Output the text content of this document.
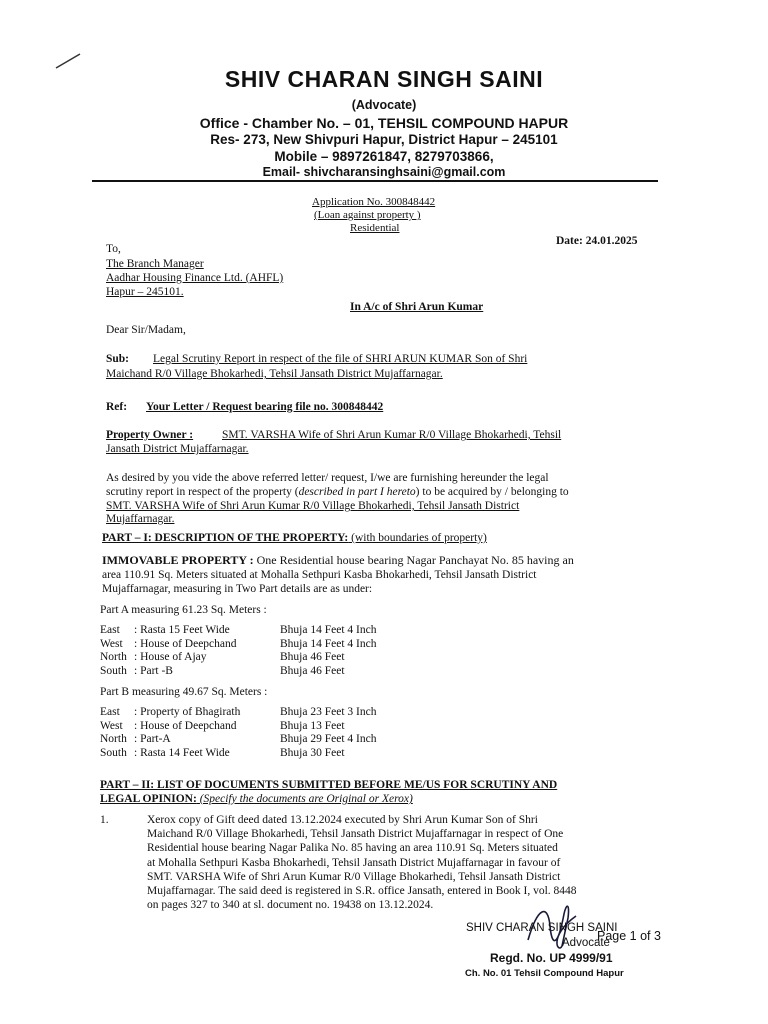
SHIV CHARAN SINGH SAINI
(Advocate)
Office - Chamber No. – 01, TEHSIL COMPOUND HAPUR
Res- 273, New Shivpuri Hapur, District Hapur – 245101
Mobile – 9897261847, 8279703866,
Email- shivcharansinghsaini@gmail.com
Application No. 300848442
(Loan against property )
Residential
Date: 24.01.2025
To,
The Branch Manager
Aadhar Housing Finance Ltd. (AHFL)
Hapur – 245101.
In A/c of Shri Arun Kumar
Dear Sir/Madam,
Sub: Legal Scrutiny Report in respect of the file of SHRI ARUN KUMAR Son of Shri
Maichand R/0 Village Bhokarhedi, Tehsil Jansath District Mujaffarnagar.
Ref: Your Letter / Request bearing file no. 300848442
Property Owner :	SMT. VARSHA Wife of Shri Arun Kumar R/0 Village Bhokarhedi, Tehsil
Jansath District Mujaffarnagar.
As desired by you vide the above referred letter/ request, I/we are furnishing hereunder the legal
scrutiny report in respect of the property (described in part I hereto) to be acquired by / belonging to
SMT. VARSHA Wife of Shri Arun Kumar R/0 Village Bhokarhedi, Tehsil Jansath District
Mujaffarnagar.
PART – I: DESCRIPTION OF THE PROPERTY: (with boundaries of property)
IMMOVABLE PROPERTY : One Residential house bearing Nagar Panchayat No. 85 having an
area 110.91 Sq. Meters situated at Mohalla Sethpuri Kasba Bhokarhedi, Tehsil Jansath District
Mujaffarnagar, measuring in Two Part details are as under:
Part A measuring 61.23 Sq. Meters :
East : Rasta 15 Feet Wide	Bhuja 14 Feet 4 Inch
West : House of Deepchand	Bhuja 14 Feet 4 Inch
North : House of Ajay	Bhuja 46 Feet
South : Part -B	Bhuja 46 Feet
Part B measuring 49.67 Sq. Meters :
East : Property of Bhagirath	Bhuja 23 Feet 3 Inch
West : House of Deepchand	Bhuja 13 Feet
North : Part-A	Bhuja 29 Feet 4 Inch
South : Rasta 14 Feet Wide	Bhuja 30 Feet
PART – II: LIST OF DOCUMENTS SUBMITTED BEFORE ME/US FOR SCRUTINY AND
LEGAL OPINION: (Specify the documents are Original or Xerox)
1.	Xerox copy of Gift deed dated 13.12.2024 executed by Shri Arun Kumar Son of Shri
Maichand R/0 Village Bhokarhedi, Tehsil Jansath District Mujaffarnagar in respect of One
Residential house bearing Nagar Palika No. 85 having an area 110.91 Sq. Meters situated
at Mohalla Sethpuri Kasba Bhokarhedi, Tehsil Jansath District Mujaffarnagar in favour of
SMT. VARSHA Wife of Shri Arun Kumar R/0 Village Bhokarhedi, Tehsil Jansath District
Mujaffarnagar. The said deed is registered in S.R. office Jansath, entered in Book I, vol. 8448
on pages 327 to 340 at sl. document no. 19438 on 13.12.2024.
SHIV CHARAN SINGH SAINI
Advocate
Page 1 of 3
Regd. No. UP 4999/91
Ch. No. 01 Tehsil Compound Hapur
